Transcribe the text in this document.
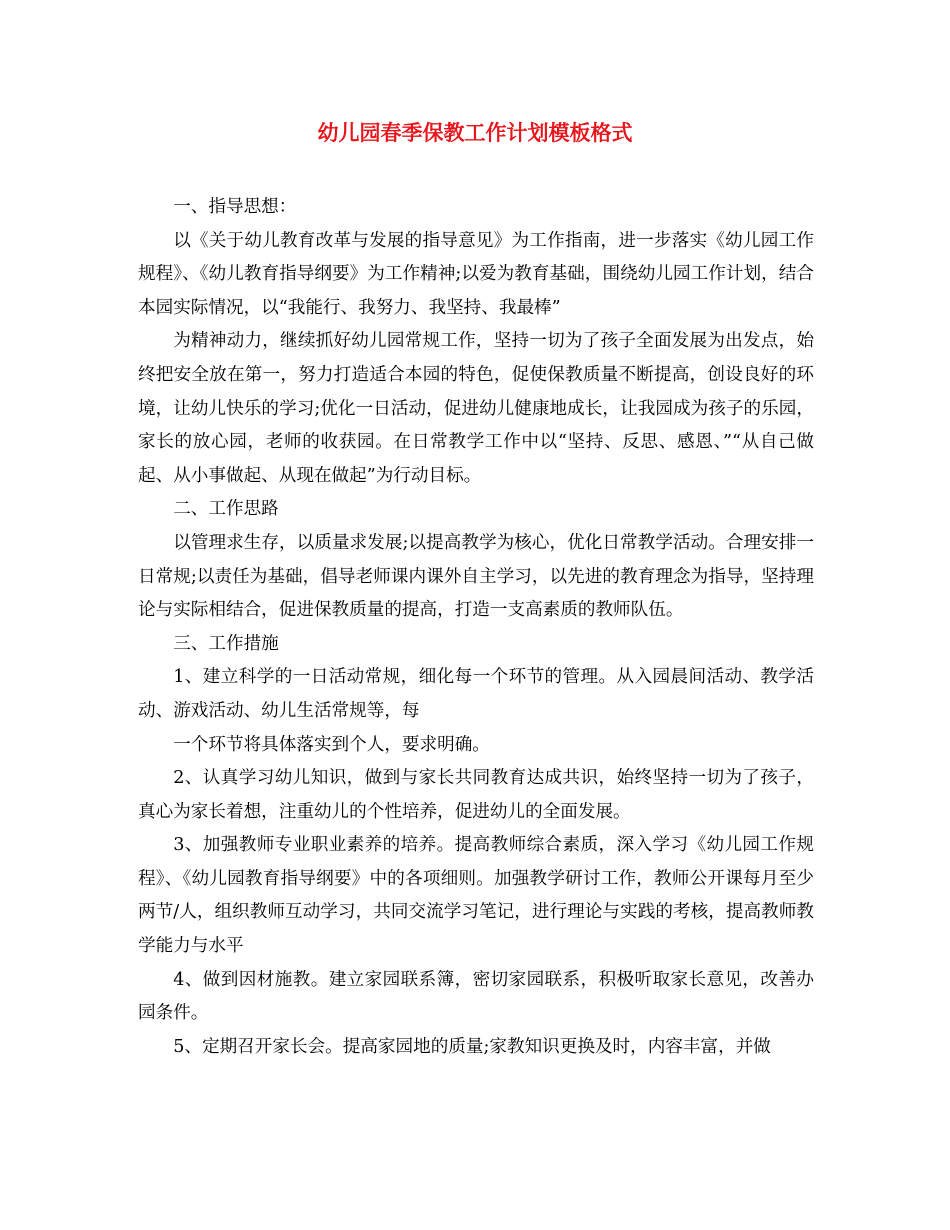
幼儿园春季保教工作计划模板格式

一、指导思想：

以《关于幼儿教育改革与发展的指导意见》为工作指南，进一步落实《幼儿园工作规程》、《幼儿教育指导纲要》为工作精神;以爱为教育基础，围绕幼儿园工作计划，结合本园实际情况，以“我能行、我努力、我坚持、我最棒”

为精神动力，继续抓好幼儿园常规工作，坚持一切为了孩子全面发展为出发点，始终把安全放在第一，努力打造适合本园的特色，促使保教质量不断提高，创设良好的环境，让幼儿快乐的学习;优化一日活动，促进幼儿健康地成长，让我园成为孩子的乐园，家长的放心园，老师的收获园。在日常教学工作中以“坚持、反思、感恩、”“从自己做起、从小事做起、从现在做起”为行动目标。

二、工作思路

以管理求生存，以质量求发展;以提高教学为核心，优化日常教学活动。合理安排一日常规;以责任为基础，倡导老师课内课外自主学习，以先进的教育理念为指导，坚持理论与实际相结合，促进保教质量的提高，打造一支高素质的教师队伍。

三、工作措施

1、建立科学的一日活动常规，细化每一个环节的管理。从入园晨间活动、教学活动、游戏活动、幼儿生活常规等，每

一个环节将具体落实到个人，要求明确。

2、认真学习幼儿知识，做到与家长共同教育达成共识，始终坚持一切为了孩子，真心为家长着想，注重幼儿的个性培养，促进幼儿的全面发展。

3、加强教师专业职业素养的培养。提高教师综合素质，深入学习《幼儿园工作规程》、《幼儿园教育指导纲要》中的各项细则。加强教学研讨工作，教师公开课每月至少两节/人，组织教师互动学习，共同交流学习笔记，进行理论与实践的考核，提高教师教学能力与水平

4、做到因材施教。建立家园联系簿，密切家园联系，积极听取家长意见，改善办园条件。

5、定期召开家长会。提高家园地的质量;家教知识更换及时，内容丰富，并做
